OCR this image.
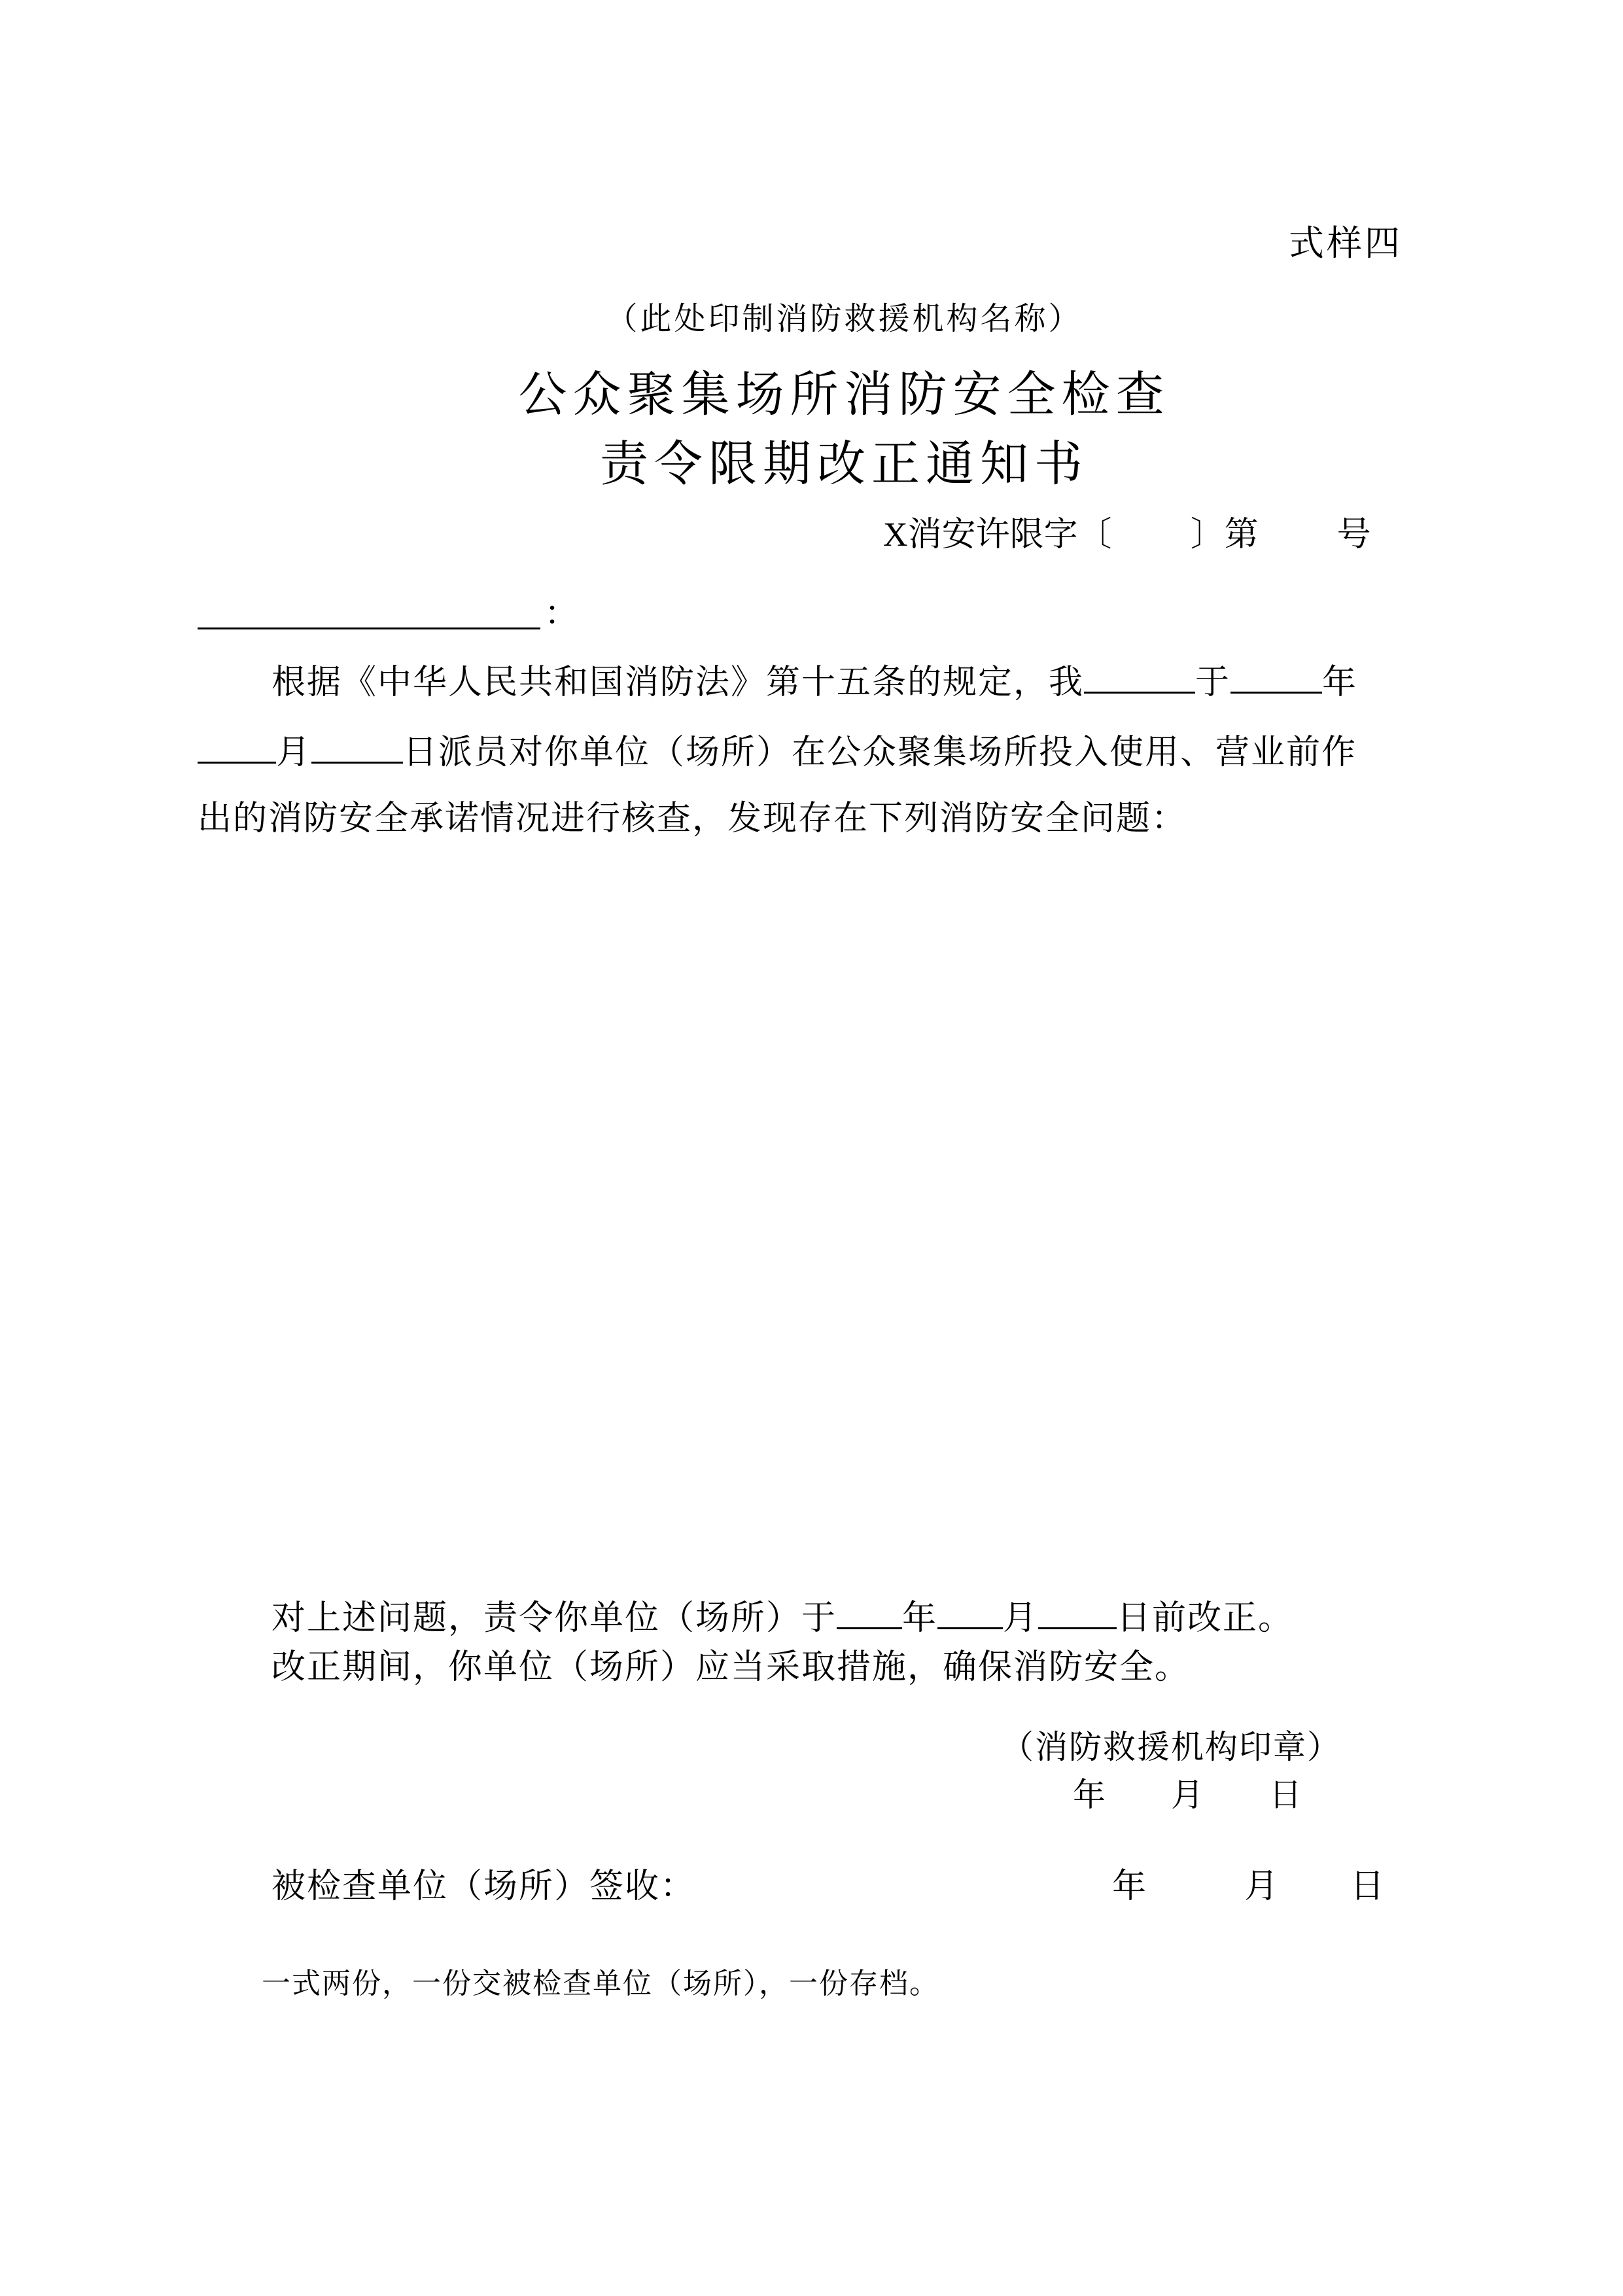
式样四
（此处印制消防救援机构名称）
公众聚集场所消防安全检查
责令限期改正通知书
X消安许限字〔 〕第 号
：
根据《中华人民共和国消防法》第十五条的规定，我	于	年
月	日派员对你单位（场所）在公众聚集场所投入使用、营业前作
出的消防安全承诺情况进行核查，发现存在下列消防安全问题：
对上述问题，责令你单位（场所）于 年 月 日前改正。
改正期间，你单位（场所）应当采取措施，确保消防安全。
（消防救援机构印章）
年 月 日
被检查单位（场所）签收：	年	月 日
一式两份，一份交被检查单位（场所），一份存档。
